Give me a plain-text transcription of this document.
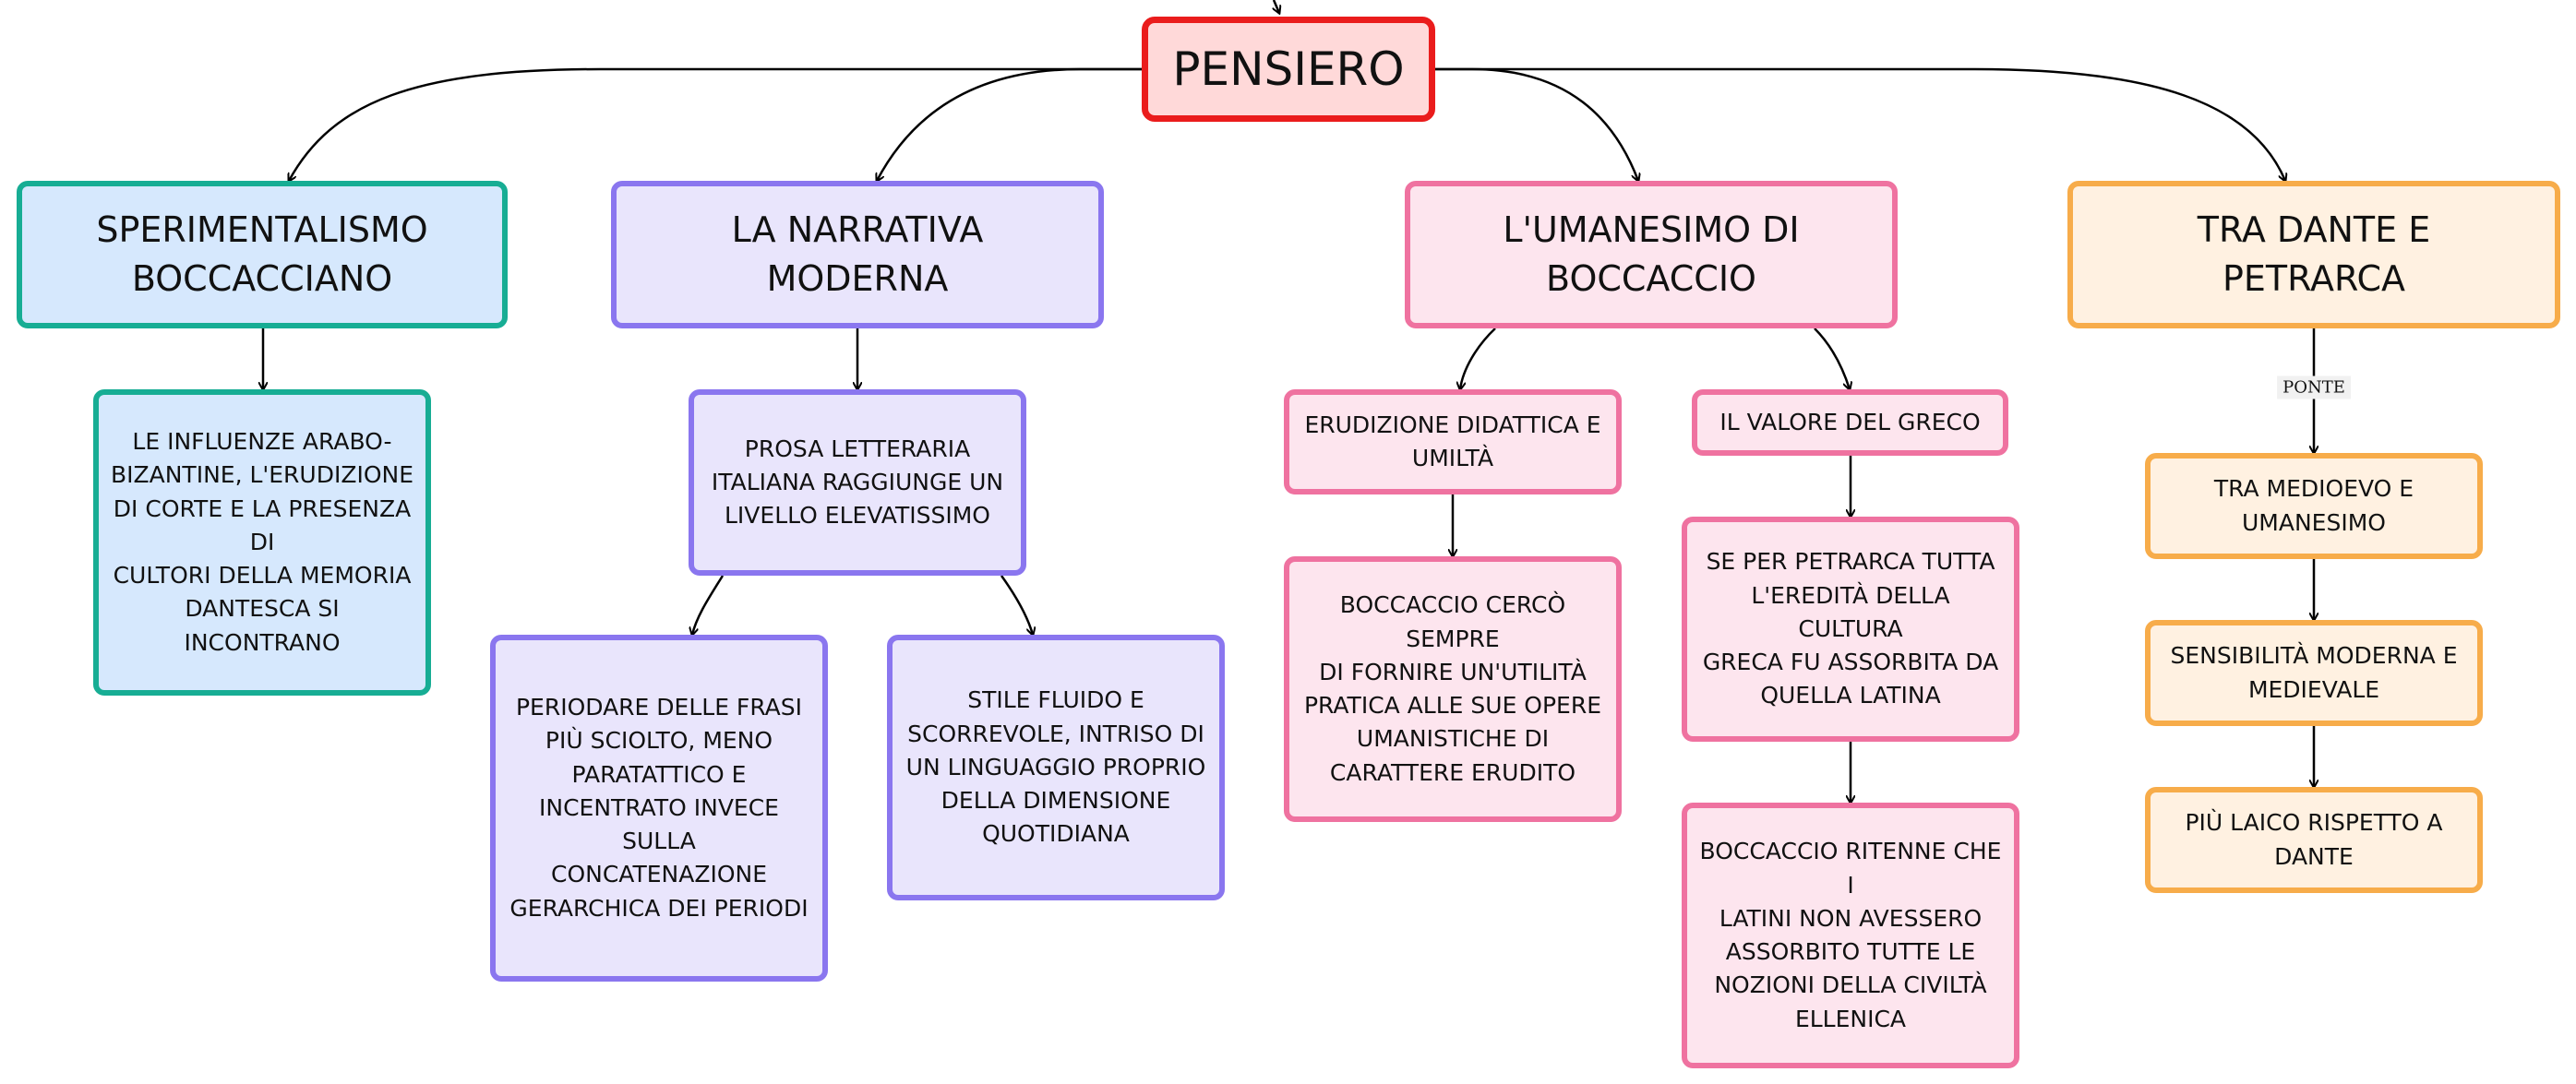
PONTE
PENSIERO
SPERIMENTALISMO
BOCCACCIANO
LE INFLUENZE ARABO-
BIZANTINE, L'ERUDIZIONE
DI CORTE E LA PRESENZA DI
CULTORI DELLA MEMORIA
DANTESCA SI INCONTRANO
LA NARRATIVA MODERNA
PROSA LETTERARIA
ITALIANA RAGGIUNGE UN
LIVELLO ELEVATISSIMO
PERIODARE DELLE FRASI
PIÙ SCIOLTO, MENO
PARATATTICO E
INCENTRATO INVECE SULLA
CONCATENAZIONE
GERARCHICA DEI PERIODI
STILE FLUIDO E
SCORREVOLE, INTRISO DI
UN LINGUAGGIO PROPRIO
DELLA DIMENSIONE
QUOTIDIANA
L'UMANESIMO DI
BOCCACCIO
ERUDIZIONE DIDATTICA E
UMILTÀ
BOCCACCIO CERCÒ SEMPRE
DI FORNIRE UN'UTILITÀ
PRATICA ALLE SUE OPERE
UMANISTICHE DI
CARATTERE ERUDITO
IL VALORE DEL GRECO
SE PER PETRARCA TUTTA
L'EREDITÀ DELLA CULTURA
GRECA FU ASSORBITA DA
QUELLA LATINA
BOCCACCIO RITENNE CHE I
LATINI NON AVESSERO
ASSORBITO TUTTE LE
NOZIONI DELLA CIVILTÀ
ELLENICA
TRA DANTE E PETRARCA
TRA MEDIOEVO E
UMANESIMO
SENSIBILITÀ MODERNA E
MEDIEVALE
PIÙ LAICO RISPETTO A
DANTE
